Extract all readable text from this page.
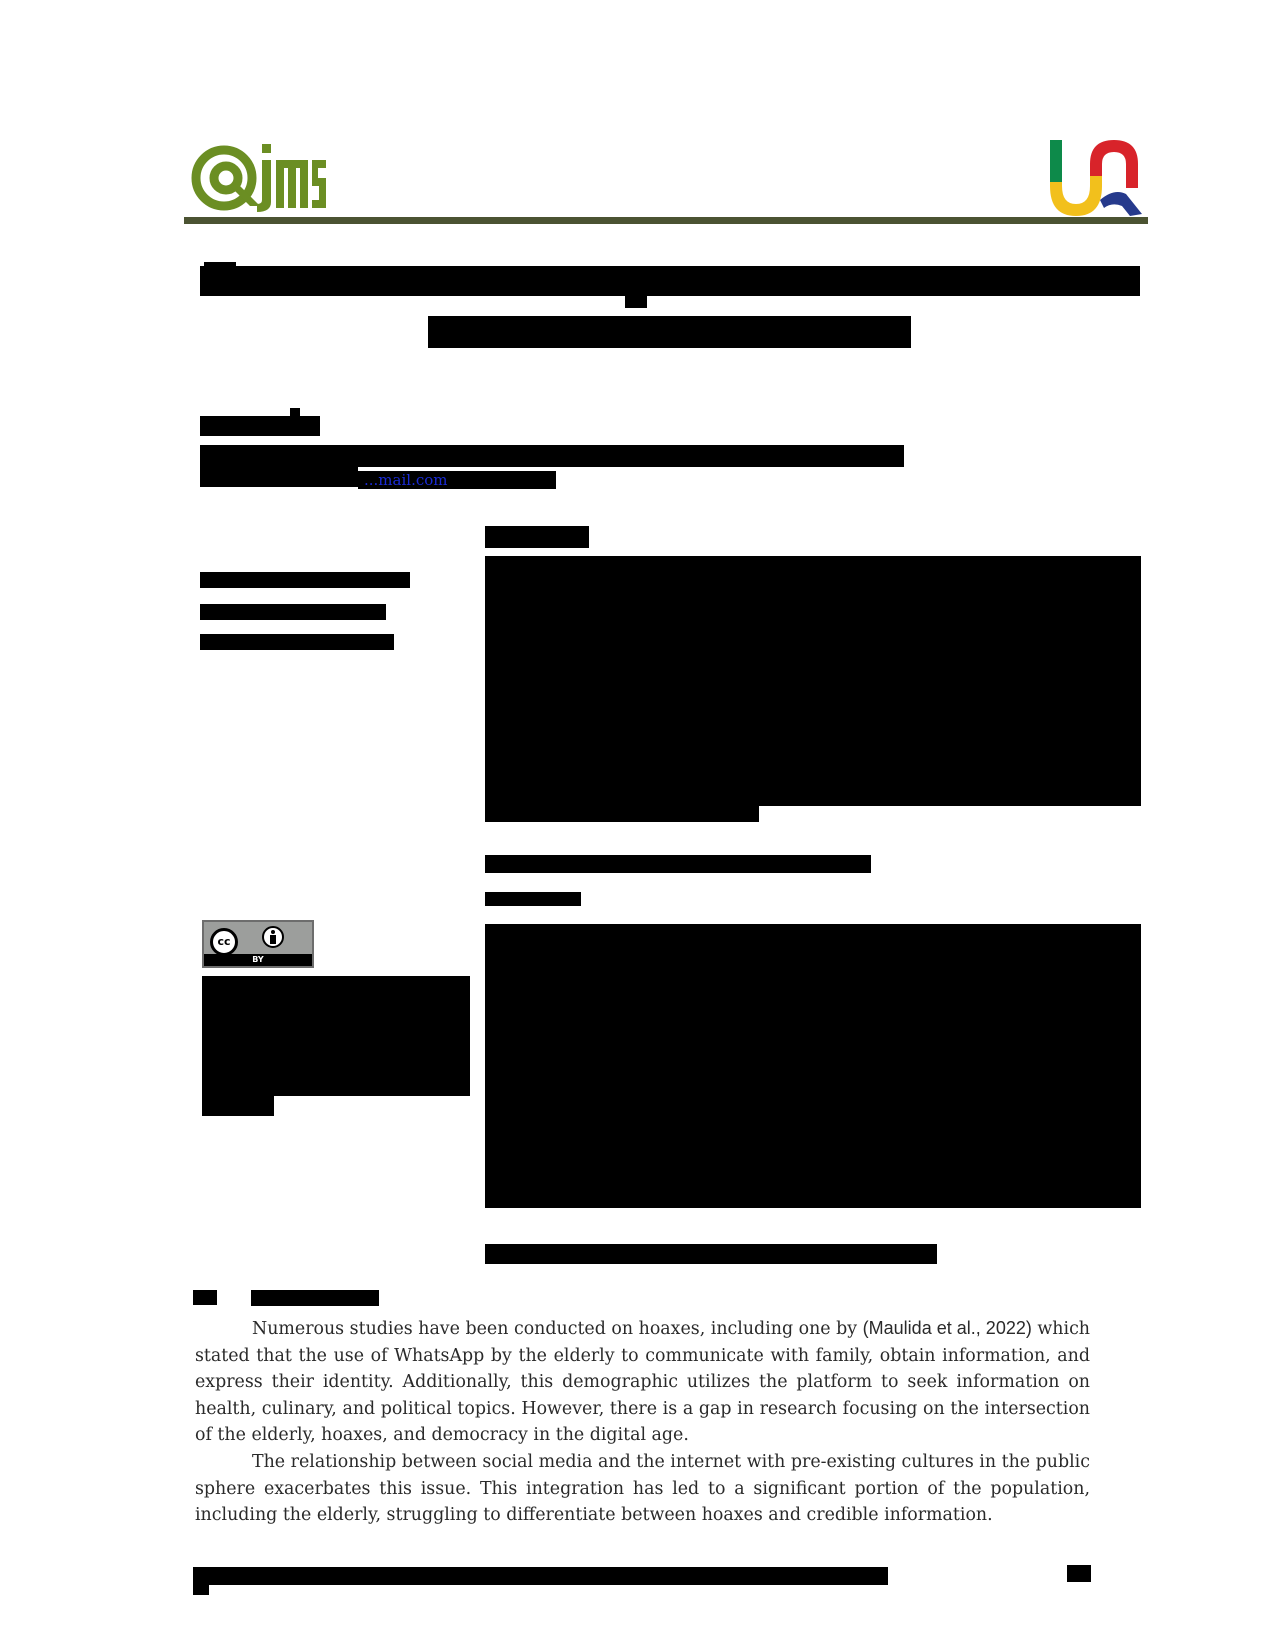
...mail.com
cc
BY

Numerous studies have been conducted on hoaxes, including one by (Maulida et al., 2022) which stated that the use of WhatsApp by the elderly to communicate with family, obtain information, and express their identity. Additionally, this demographic utilizes the platform to seek information on health, culinary, and political topics. However, there is a gap in research focusing on the intersection of the elderly, hoaxes, and democracy in the digital age.

The relationship between social media and the internet with pre-existing cultures in the public sphere exacerbates this issue. This integration has led to a significant portion of the population, including the elderly, struggling to differentiate between hoaxes and credible information.
